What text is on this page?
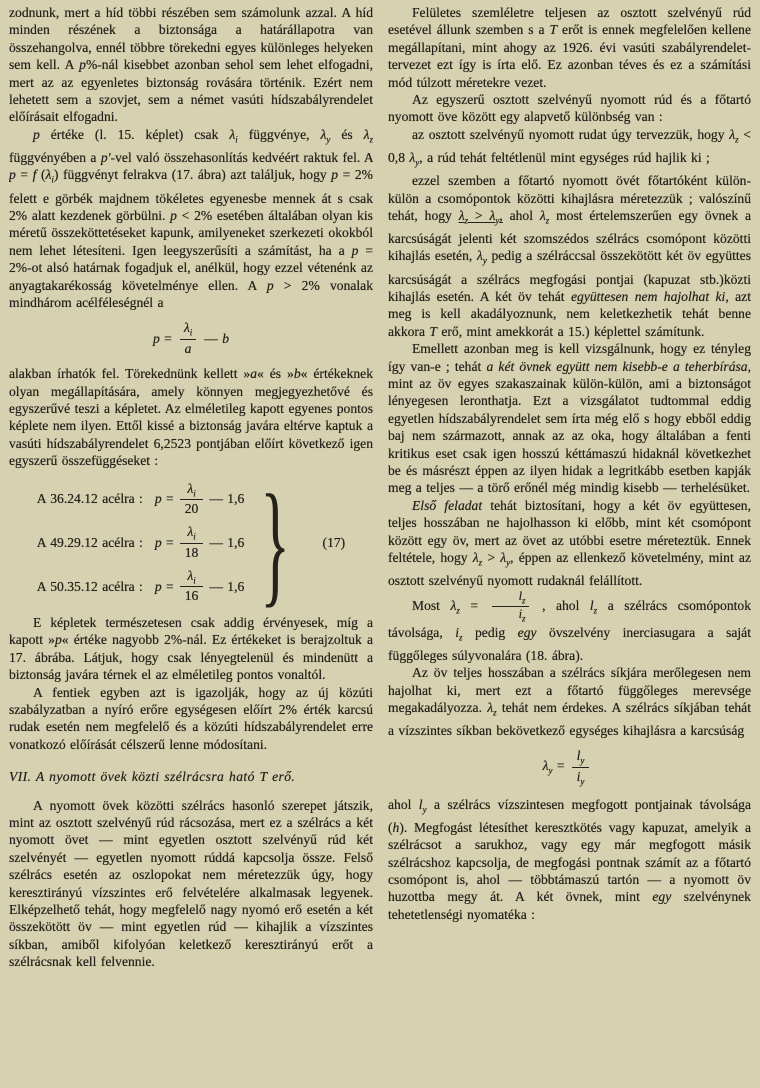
zodnunk, mert a híd többi részében sem számolunk azzal. A híd minden részének a biztonsága a határállapotra van összehangolva, ennél többre törekedni egyes különleges helyeken sem kell. A p%-nál kisebbet azonban sehol sem lehet elfogadni, mert az az egyenletes biztonság rovására történik. Ezért nem lehetett sem a szovjet, sem a német vasúti hídszabályrendelet előírásait elfogadni.

p értéke (l. 15. képlet) csak $\lambda_i$ függvénye, $\lambda_y$ és $\lambda_z$ függvényében a p'-vel való összehasonlítás kedvéért raktuk fel. A p = f $(\lambda_i)$ függvényt felrakva (17. ábra) azt találjuk, hogy p = 2% felett e görbék majdnem tökéletes egyenesbe mennek át s csak 2% alatt kezdenek görbülni. p < 2% esetében általában olyan kis méretű összeköttetéseket kapunk, amilyeneket szerkezeti okokból nem lehet létesíteni. Igen leegyszerűsíti a számítást, ha a p = 2%-ot alsó határnak fogadjuk el, anélkül, hogy ezzel vétenénk az anyagtakarékosság követelménye ellen. A p > 2% vonalak mindhárom acélféleségnél a

$p = \frac{\lambda_i}{a}$ — b

alakban írhatók fel. Törekednünk kellett »a« és »b« értékeknek olyan megállapítására, amely könnyen megjegyezhetővé és egyszerűvé teszi a képletet. Az elméletileg kapott egyenes pontos képlete nem ilyen. Ettől kissé a biztonság javára eltérve kaptuk a vasúti hídszabályrendelet 6,2523 pontjában előírt következő igen egyszerű összefüggéseket :

A 36.24.12 acélra : $p = \frac{\lambda_i}{20}$ — 1,6
A 49.29.12 acélra : $p = \frac{\lambda_i}{18}$ — 1,6
A 50.35.12 acélra : $p = \frac{\lambda_i}{16}$ — 1,6 } (17)

E képletek természetesen csak addig érvényesek, míg a kapott »p« értéke nagyobb 2%-nál. Ez értékeket is berajzoltuk a 17. ábrába. Látjuk, hogy csak lényegtelenül és mindenütt a biztonság javára térnek el az elméletileg pontos vonaltól.

A fentiek egyben azt is igazolják, hogy az új közúti szabályzatban a nyíró erőre egységesen előírt 2% érték karcsú rudak esetén nem megfelelő és a közúti hídszabályrendelet erre vonatkozó előírását célszerű lenne módosítani.

VII. A nyomott övek közti szélrácsra ható T erő.

A nyomott övek közötti szélrács hasonló szerepet játszik, mint az osztott szelvényű rúd rácsozása, mert ez a szélrács a két nyomott övet — mint egyetlen osztott szelvényű rúd két szelvényét — egyetlen nyomott rúddá kapcsolja össze. Felső szélrács esetén az oszlopokat nem méretezzük úgy, hogy keresztirányú vízszintes erő felvételére alkalmasak legyenek. Elképzelhető tehát, hogy megfelelő nagy nyomó erő esetén a két összekötött öv — mint egyetlen rúd — kihajlik a vízszintes síkban, amiből kifolyóan keletkező keresztirányú erőt a szélrácsnak kell felvennie.

Felületes szemléletre teljesen az osztott szelvényű rúd esetével állunk szemben s a T erőt is ennek megfelelően kellene megállapítani, mint ahogy az 1926. évi vasúti szabályrendelet-tervezet ezt így is írta elő. Ez azonban téves és ez a számítási mód túlzott méretekre vezet.

Az egyszerű osztott szelvényű nyomott rúd és a főtartó nyomott öve között egy alapvető különbség van :

az osztott szelvényű nyomott rudat úgy tervezzük, hogy $\lambda_z < 0,8$ $\lambda_y$, a rúd tehát feltétlenül mint egységes rúd hajlik ki ;

ezzel szemben a főtartó nyomott övét főtartóként külön-külön a csomópontok közötti kihajlásra méretezzük ; valószínű tehát, hogy $\lambda_z > \lambda_y$, ahol $\lambda_z$ most értelemszerűen egy övnek a karcsúságát jelenti két szomszédos szélrács csomópont közötti kihajlás esetén, $\lambda_y$ pedig a szélráccsal összekötött két öv együttes karcsúságát a szélrács megfogási pontjai (kapuzat stb.)közti kihajlás esetén. A két öv tehát együttesen nem hajolhat ki, azt meg is kell akadályoznunk, nem keletkezhetik tehát benne akkora T erő, mint amekkorát a 15.) képlettel számítunk.

Emellett azonban meg is kell vizsgálnunk, hogy ez tényleg így van-e ; tehát a két övnek együtt nem kisebb-e a teherbírása, mint az öv egyes szakaszainak külön-külön, ami a biztonságot lényegesen leronthatja. Ezt a vizsgálatot tudtommal eddig egyetlen hídszabályrendelet sem írta még elő s hogy ebből eddig baj nem származott, annak az az oka, hogy általában a fenti kritikus eset csak igen hosszú kéttámaszú hidaknál következhet be és másrészt éppen az ilyen hidak a legritkább esetben kapják meg a teljes — a törő erőnél még mindig kisebb — terhelésüket.

Első feladat tehát biztosítani, hogy a két öv együttesen, teljes hosszában ne hajolhasson ki előbb, mint két csomópont között egy öv, mert az övet az utóbbi esetre méreteztük. Ennek feltétele, hogy $\lambda_z > \lambda_y$, éppen az ellenkező követelmény, mint az osztott szelvényű nyomott rudaknál felállított.

Most $\lambda_z = \frac{l_z}{i_z}$ , ahol $l_z$ a szélrács csomópontok távolsága, $i_z$ pedig egy övszelvény inerciasugara a saját függőleges súlyvonalára (18. ábra).

Az öv teljes hosszában a szélrács síkjára merőlegesen nem hajolhat ki, mert ezt a főtartó függőleges merevsége megakadályozza. $\lambda_z$ tehát nem érdekes. A szélrács síkjában tehát a vízszintes síkban bekövetkező egységes kihajlásra a karcsúság

$\lambda_y = \frac{l_y}{i_y}$

ahol $l_y$ a szélrács vízszintesen megfogott pontjainak távolsága (h). Megfogást létesíthet keresztkötés vagy kapuzat, amelyik a szélrácsot a sarukhoz, vagy egy már megfogott másik szélrácshoz kapcsolja, de megfogási pontnak számít az a főtartó csomópont is, ahol — többtámaszú tartón — a nyomott öv huzottba megy át. A két övnek, mint egy szelvénynek tehetetlenségi nyomatéka :
